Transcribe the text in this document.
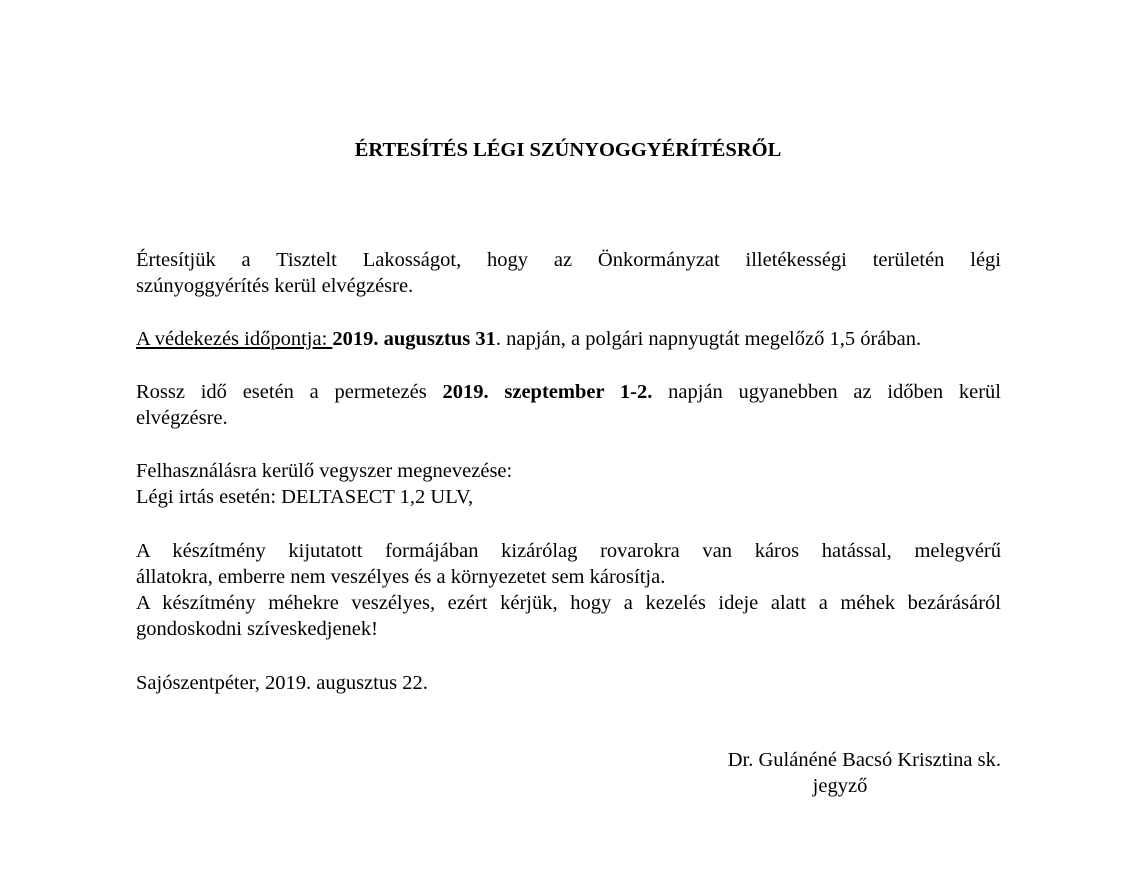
ÉRTESÍTÉS LÉGI SZÚNYOGGYÉRÍTÉSRŐL
Értesítjük a Tisztelt Lakosságot, hogy az Önkormányzat illetékességi területén légi
szúnyoggyérítés kerül elvégzésre.
A védekezés időpontja: 2019. augusztus 31. napján, a polgári napnyugtát megelőző 1,5 órában.
Rossz idő esetén a permetezés 2019. szeptember 1-2. napján ugyanebben az időben kerül
elvégzésre.
Felhasználásra kerülő vegyszer megnevezése:
Légi irtás esetén: DELTASECT 1,2 ULV,
A készítmény kijutatott formájában kizárólag rovarokra van káros hatással, melegvérű
állatokra, emberre nem veszélyes és a környezetet sem károsítja.
A készítmény méhekre veszélyes, ezért kérjük, hogy a kezelés ideje alatt a méhek bezárásáról
gondoskodni szíveskedjenek!
Sajószentpéter, 2019. augusztus 22.
Dr. Gulánéné Bacsó Krisztina sk.
jegyző
